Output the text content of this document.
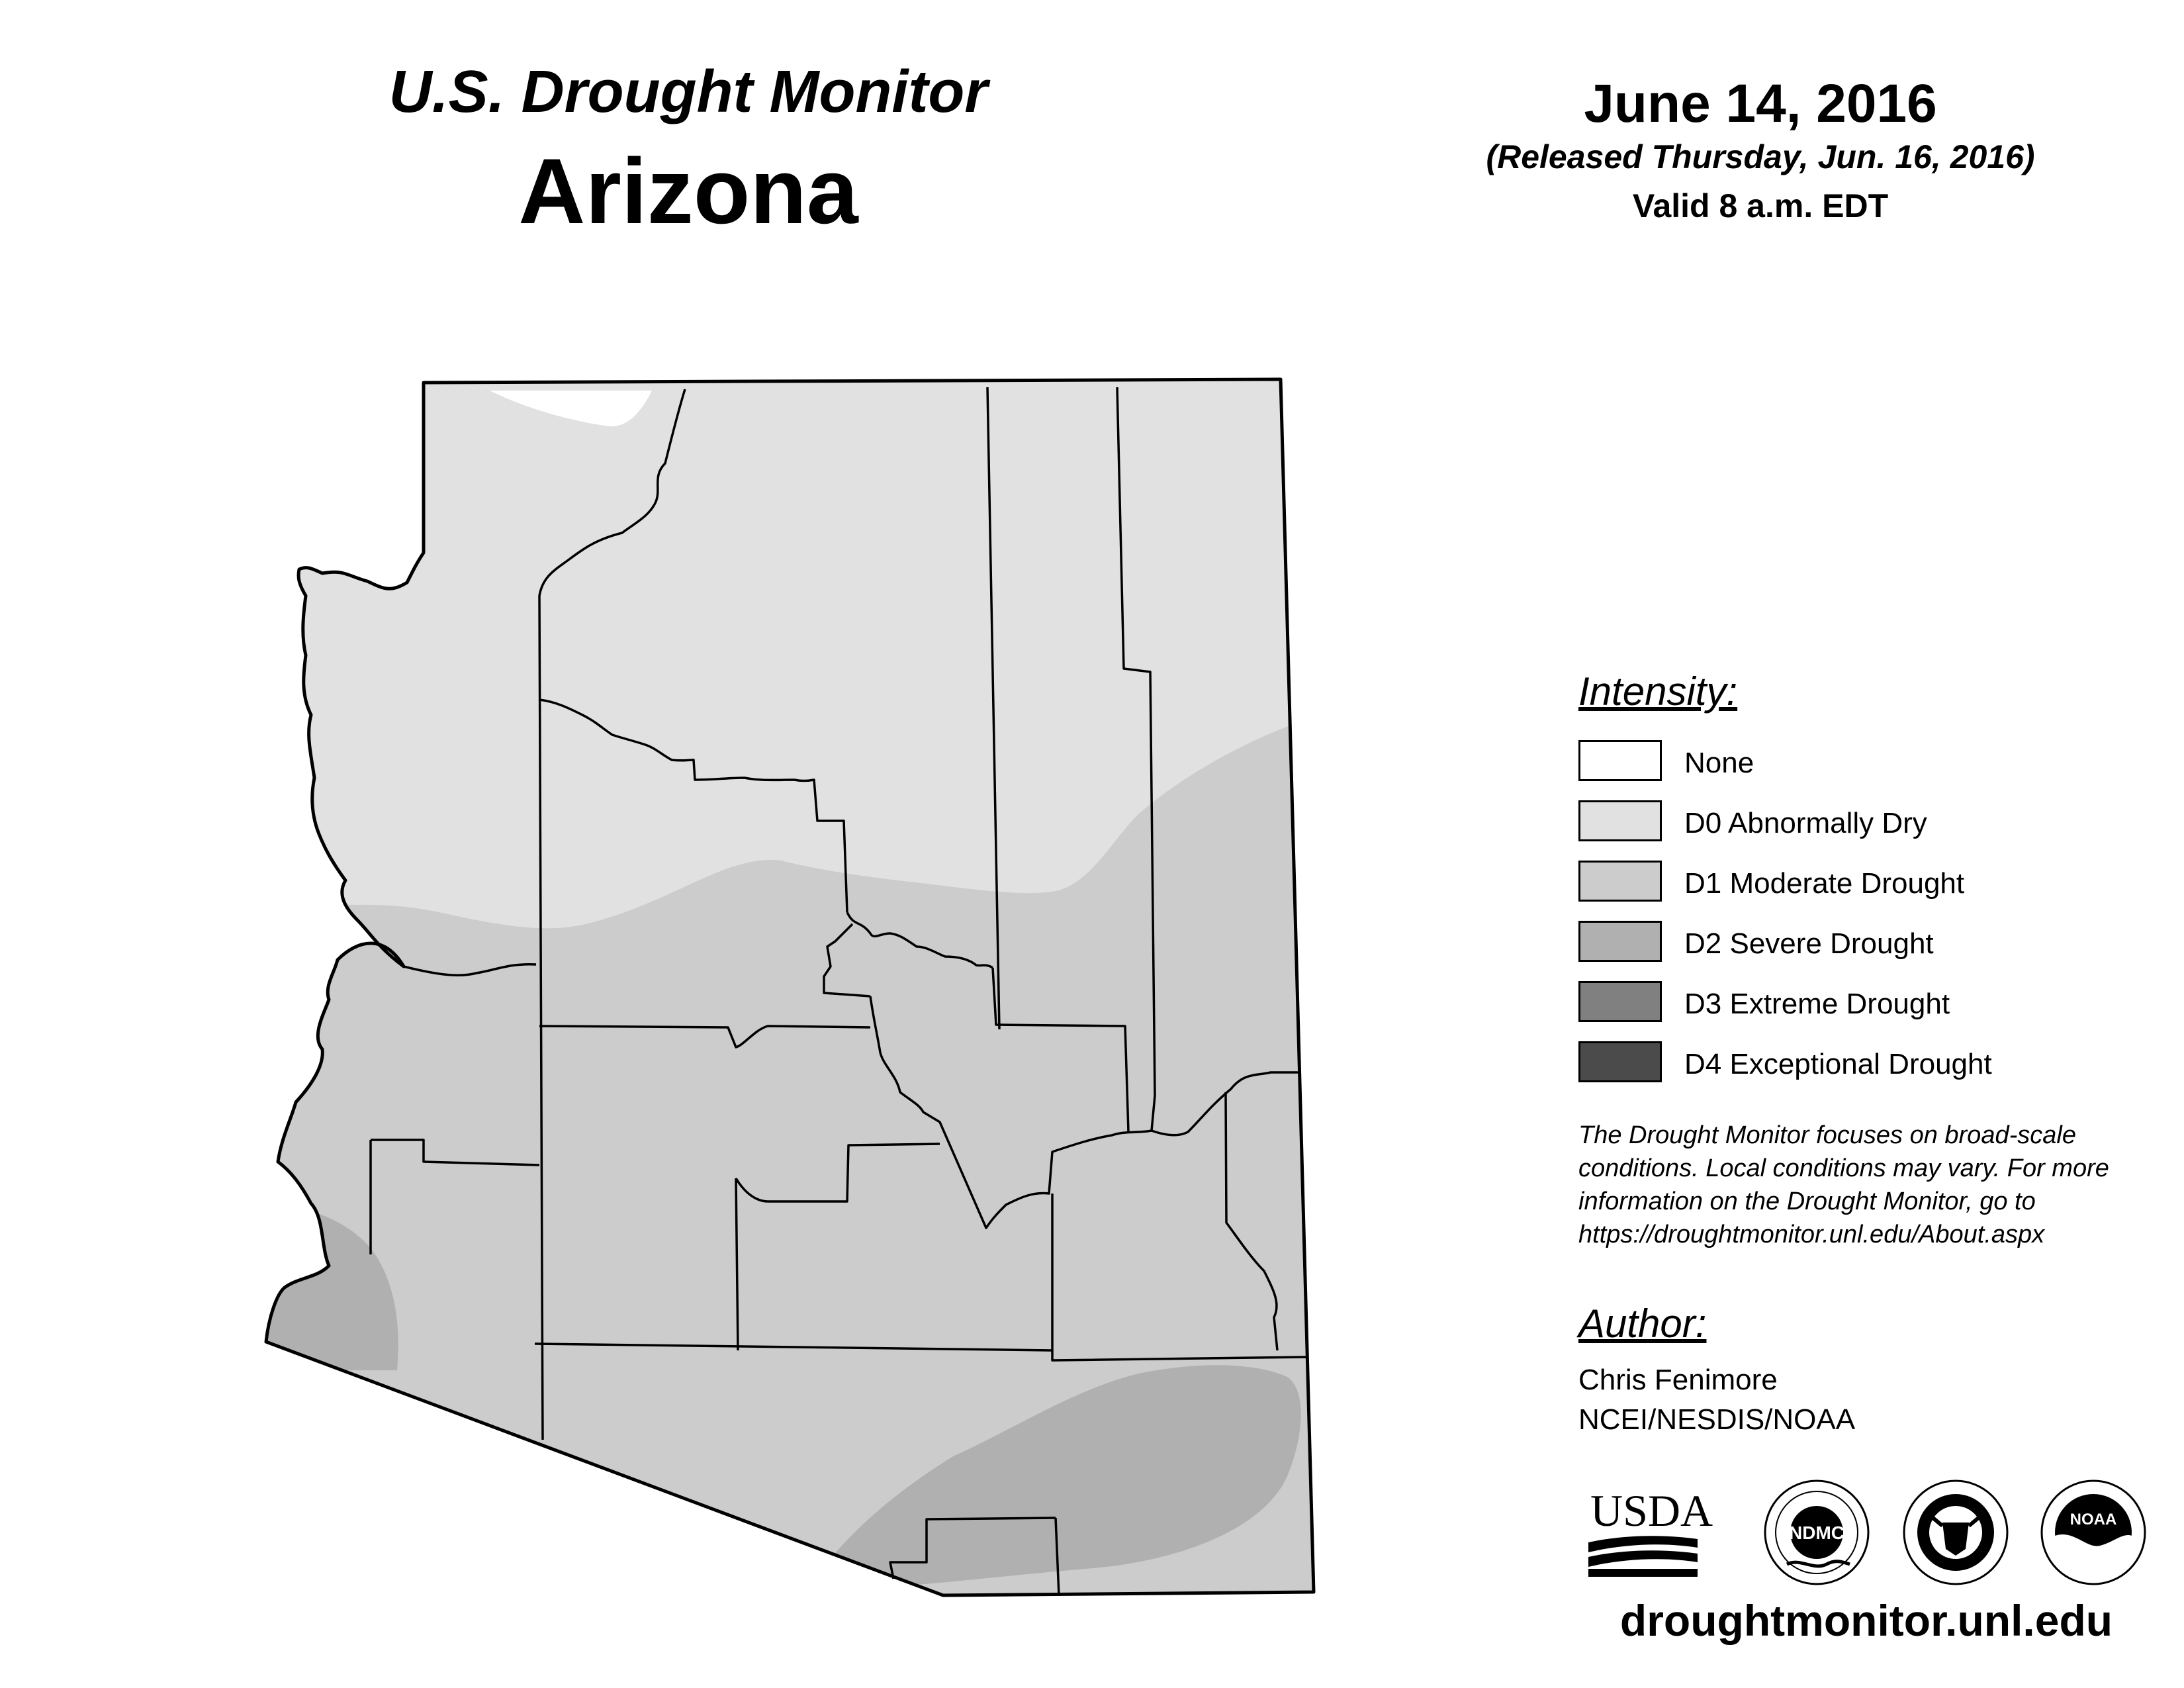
U.S. Drought Monitor
Arizona
June 14, 2016
(Released Thursday, Jun. 16, 2016)
Valid 8 a.m. EDT
Intensity:
None
D0 Abnormally Dry
D1 Moderate Drought
D2 Severe Drought
D3 Extreme Drought
D4 Exceptional Drought
The Drought Monitor focuses on broad-scale conditions. Local conditions may vary. For more information on the Drought Monitor, go to https://droughtmonitor.unl.edu/About.aspx
Author:
Chris Fenimore
NCEI/NESDIS/NOAA
USDA	NDMC
NOAA
droughtmonitor.unl.edu
